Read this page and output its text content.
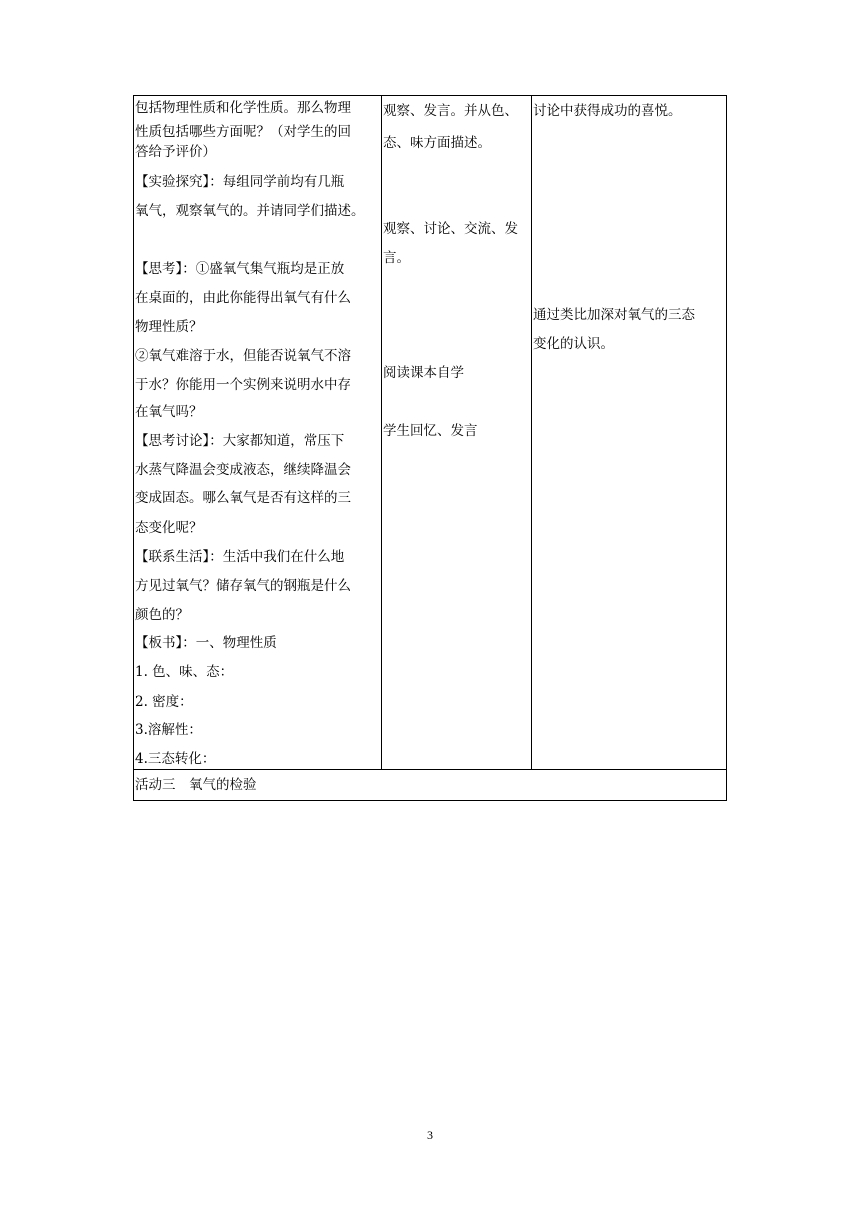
包括物理性质和化学性质。那么物理
性质包括哪些方面呢？（对学生的回
答给予评价）
【实验探究】：每组同学前均有几瓶
氧气，观察氧气的。并请同学们描述。
【思考】：①盛氧气集气瓶均是正放
在桌面的，由此你能得出氧气有什么
物理性质？
②氧气难溶于水，但能否说氧气不溶
于水？你能用一个实例来说明水中存
在氧气吗？
【思考讨论】：大家都知道，常压下
水蒸气降温会变成液态，继续降温会
变成固态。哪么氧气是否有这样的三
态变化呢？
【联系生活】：生活中我们在什么地
方见过氧气？储存氧气的钢瓶是什么
颜色的？
【板书】：一、物理性质
1. 色、味、态：
2. 密度：
3.溶解性：
4.三态转化：

观察、发言。并从色、
态、味方面描述。
观察、讨论、交流、发
言。
阅读课本自学
学生回忆、发言

讨论中获得成功的喜悦。
通过类比加深对氧气的三态
变化的认识。

活动三　氧气的检验
3
